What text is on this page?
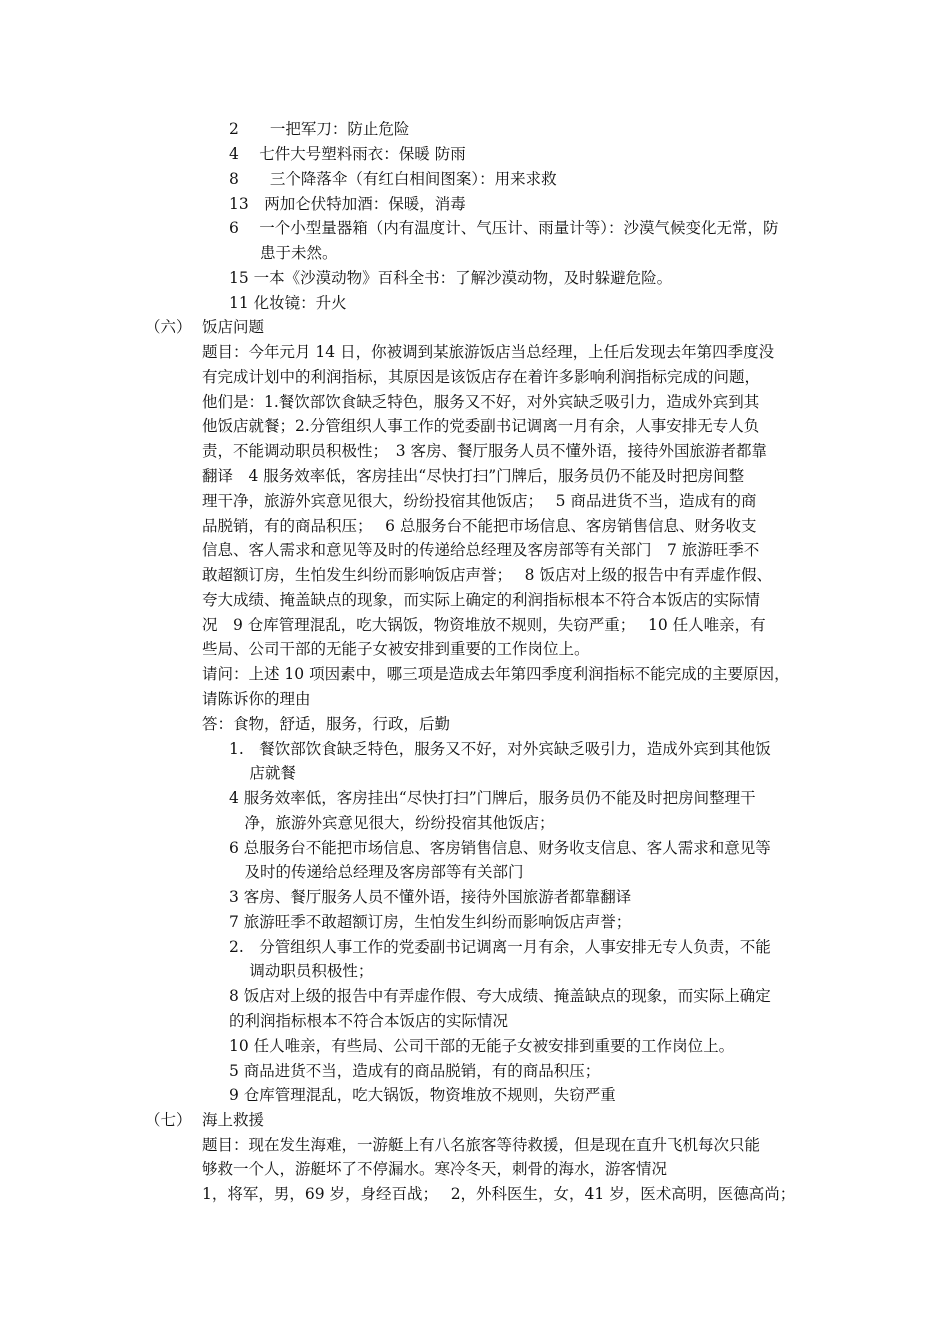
2　　一把军刀：防止危险
4　 七件大号塑料雨衣：保暖 防雨
8　　三个降落伞（有红白相间图案）：用来求救
13　两加仑伏特加酒：保暖，消毒
6　 一个小型量器箱（内有温度计、气压计、雨量计等）：沙漠气候变化无常，防
　　患于未然。
15 一本《沙漠动物》百科全书：了解沙漠动物，及时躲避危险。
11 化妆镜：升火
（六） 饭店问题
题目：今年元月 14 日，你被调到某旅游饭店当总经理，上任后发现去年第四季度没
有完成计划中的利润指标，其原因是该饭店存在着许多影响利润指标完成的问题，
他们是：1.餐饮部饮食缺乏特色，服务又不好，对外宾缺乏吸引力，造成外宾到其
他饭店就餐；2.分管组织人事工作的党委副书记调离一月有余，人事安排无专人负
责，不能调动职员积极性；　3 客房、餐厅服务人员不懂外语，接待外国旅游者都靠
翻译　4 服务效率低，客房挂出“尽快打扫”门牌后，服务员仍不能及时把房间整
理干净，旅游外宾意见很大，纷纷投宿其他饭店；　 5 商品进货不当，造成有的商
品脱销，有的商品积压；　 6 总服务台不能把市场信息、客房销售信息、财务收支
信息、客人需求和意见等及时的传递给总经理及客房部等有关部门　7 旅游旺季不
敢超额订房，生怕发生纠纷而影响饭店声誉；　 8 饭店对上级的报告中有弄虚作假、
夸大成绩、掩盖缺点的现象，而实际上确定的利润指标根本不符合本饭店的实际情
况　9 仓库管理混乱，吃大锅饭，物资堆放不规则，失窃严重；　 10 任人唯亲，有
些局、公司干部的无能子女被安排到重要的工作岗位上。
请问：上述 10 项因素中，哪三项是造成去年第四季度利润指标不能完成的主要原因，
请陈诉你的理由
答：食物，舒适，服务，行政，后勤
1.　餐饮部饮食缺乏特色，服务又不好，对外宾缺乏吸引力，造成外宾到其他饭
　 店就餐
4 服务效率低，客房挂出“尽快打扫”门牌后，服务员仍不能及时把房间整理干
　净，旅游外宾意见很大，纷纷投宿其他饭店；
6 总服务台不能把市场信息、客房销售信息、财务收支信息、客人需求和意见等
　及时的传递给总经理及客房部等有关部门
3 客房、餐厅服务人员不懂外语，接待外国旅游者都靠翻译
7 旅游旺季不敢超额订房，生怕发生纠纷而影响饭店声誉；
2.　分管组织人事工作的党委副书记调离一月有余，人事安排无专人负责，不能
　 调动职员积极性；
8 饭店对上级的报告中有弄虚作假、夸大成绩、掩盖缺点的现象，而实际上确定
的利润指标根本不符合本饭店的实际情况
10 任人唯亲，有些局、公司干部的无能子女被安排到重要的工作岗位上。
5 商品进货不当，造成有的商品脱销，有的商品积压；
9 仓库管理混乱，吃大锅饭，物资堆放不规则，失窃严重
（七） 海上救援
题目：现在发生海难，一游艇上有八名旅客等待救援，但是现在直升飞机每次只能
够救一个人，游艇坏了不停漏水。寒冷冬天，刺骨的海水，游客情况
1，将军，男，69 岁，身经百战；　 2，外科医生，女，41 岁，医术高明，医德高尚；
